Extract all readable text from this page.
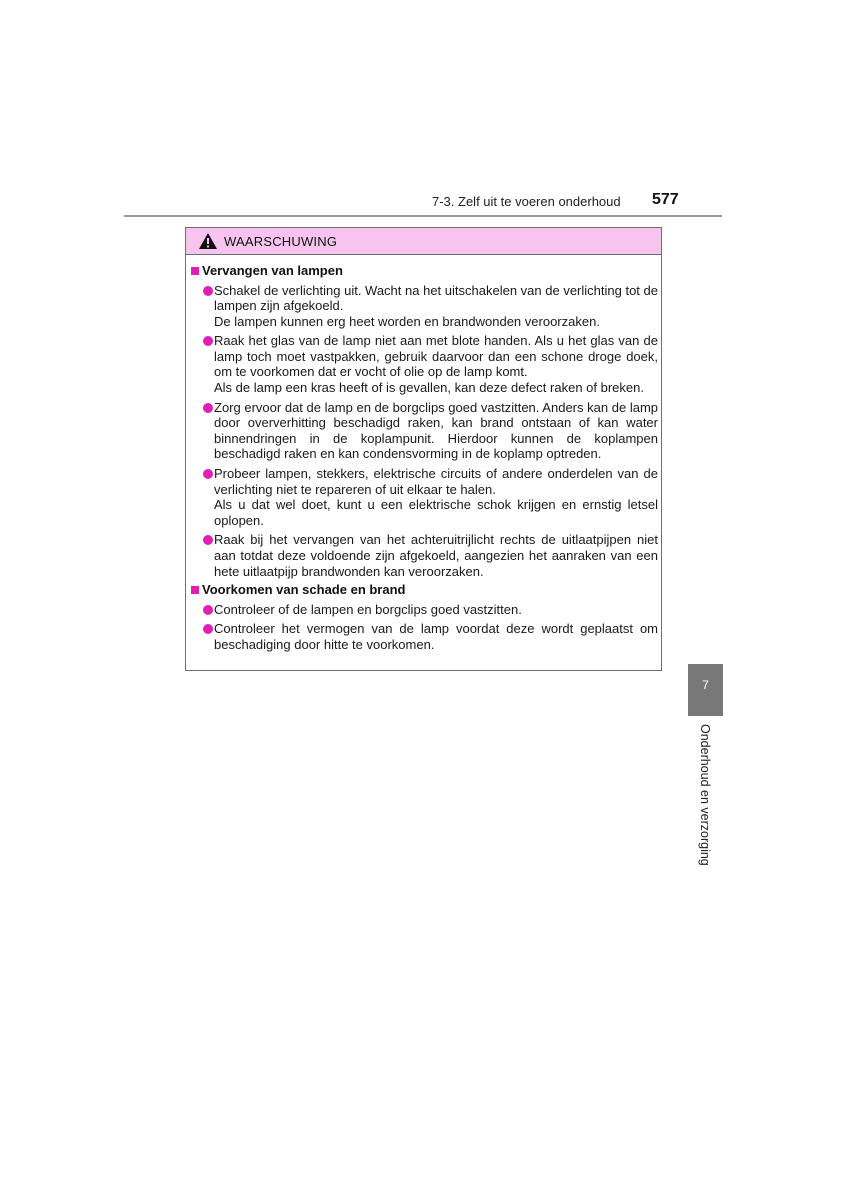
7-3. Zelf uit te voeren onderhoud 577
WAARSCHUWING
Vervangen van lampen

Schakel de verlichting uit. Wacht na het uitschakelen van de verlichting tot de lampen zijn afgekoeld.

De lampen kunnen erg heet worden en brandwonden veroorzaken.

Raak het glas van de lamp niet aan met blote handen. Als u het glas van de lamp toch moet vastpakken, gebruik daarvoor dan een schone droge doek, om te voorkomen dat er vocht of olie op de lamp komt.

Als de lamp een kras heeft of is gevallen, kan deze defect raken of breken.

Zorg ervoor dat de lamp en de borgclips goed vastzitten. Anders kan de lamp door oververhitting beschadigd raken, kan brand ontstaan of kan water binnendringen in de koplampunit. Hierdoor kunnen de koplampen beschadigd raken en kan condensvorming in de koplamp optreden.

Probeer lampen, stekkers, elektrische circuits of andere onderdelen van de verlichting niet te repareren of uit elkaar te halen.

Als u dat wel doet, kunt u een elektrische schok krijgen en ernstig letsel oplopen.

Raak bij het vervangen van het achteruitrijlicht rechts de uitlaatpijpen niet aan totdat deze voldoende zijn afgekoeld, aangezien het aanraken van een hete uitlaatpijp brandwonden kan veroorzaken.

Voorkomen van schade en brand

Controleer of de lampen en borgclips goed vastzitten.

Controleer het vermogen van de lamp voordat deze wordt geplaatst om beschadiging door hitte te voorkomen.

7
Onderhoud en verzorging
